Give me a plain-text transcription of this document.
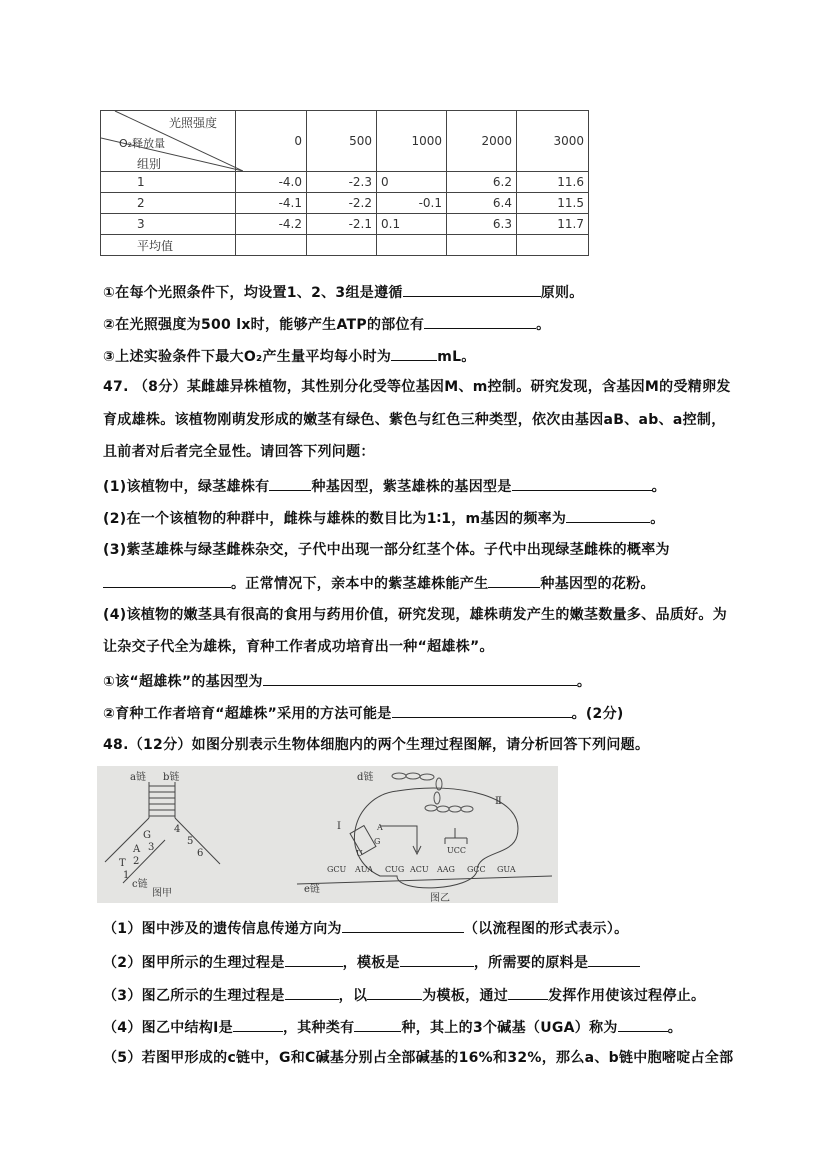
光照强度
O₂释放量
组别	0	500	1000	2000	3000
1	-4.0	-2.3	0	6.2	11.6
2	-4.1	-2.2	-0.1	6.4	11.5
3	-4.2	-2.1	0.1	6.3	11.7
平均值					
①在每个光照条件下，均设置1、2、3组是遵循	原则。
②在光照强度为500 lx时，能够产生ATP的部位有	。
③上述实验条件下最大O₂产生量平均每小时为	mL。
47. （8分）某雌雄异株植物，其性别分化受等位基因M、m控制。研究发现，含基因M的受精卵发
育成雄株。该植物刚萌发形成的嫩茎有绿色、紫色与红色三种类型，依次由基因aB、ab、a控制，
且前者对后者完全显性。请回答下列问题：
(1)该植物中，绿茎雄株有	种基因型，紫茎雄株的基因型是	。
(2)在一个该植物的种群中，雌株与雄株的数目比为1∶1，m基因的频率为	。
(3)紫茎雄株与绿茎雌株杂交，子代中出现一部分红茎个体。子代中出现绿茎雌株的概率为
。正常情况下，亲本中的紫茎雄株能产生	种基因型的花粉。
(4)该植物的嫩茎具有很高的食用与药用价值，研究发现，雄株萌发产生的嫩茎数量多、品质好。为
让杂交子代全为雄株，育种工作者成功培育出一种“超雄株”。
①该“超雄株”的基因型为	。
②育种工作者培育“超雄株”采用的方法可能是	。(2分)
48.（12分）如图分别表示生物体细胞内的两个生理过程图解，请分析回答下列问题。
a链 b链
G
A
T
1
2
3
4
5
6
c链
图甲
d链
e链
Ⅰ
Ⅱ
A
G
U	UCC
GCU AUA CUG ACU AAG GCC GUA
图乙
（1）图中涉及的遗传信息传递方向为	（以流程图的形式表示）。
（2）图甲所示的生理过程是	，模板是	，所需要的原料是
（3）图乙所示的生理过程是	，以	为模板，通过	发挥作用使该过程停止。
（4）图乙中结构Ⅰ是	，其种类有	种，其上的3个碱基（UGA）称为	。
（5）若图甲形成的c链中，G和C碱基分别占全部碱基的16%和32%，那么a、b链中胞嘧啶占全部
